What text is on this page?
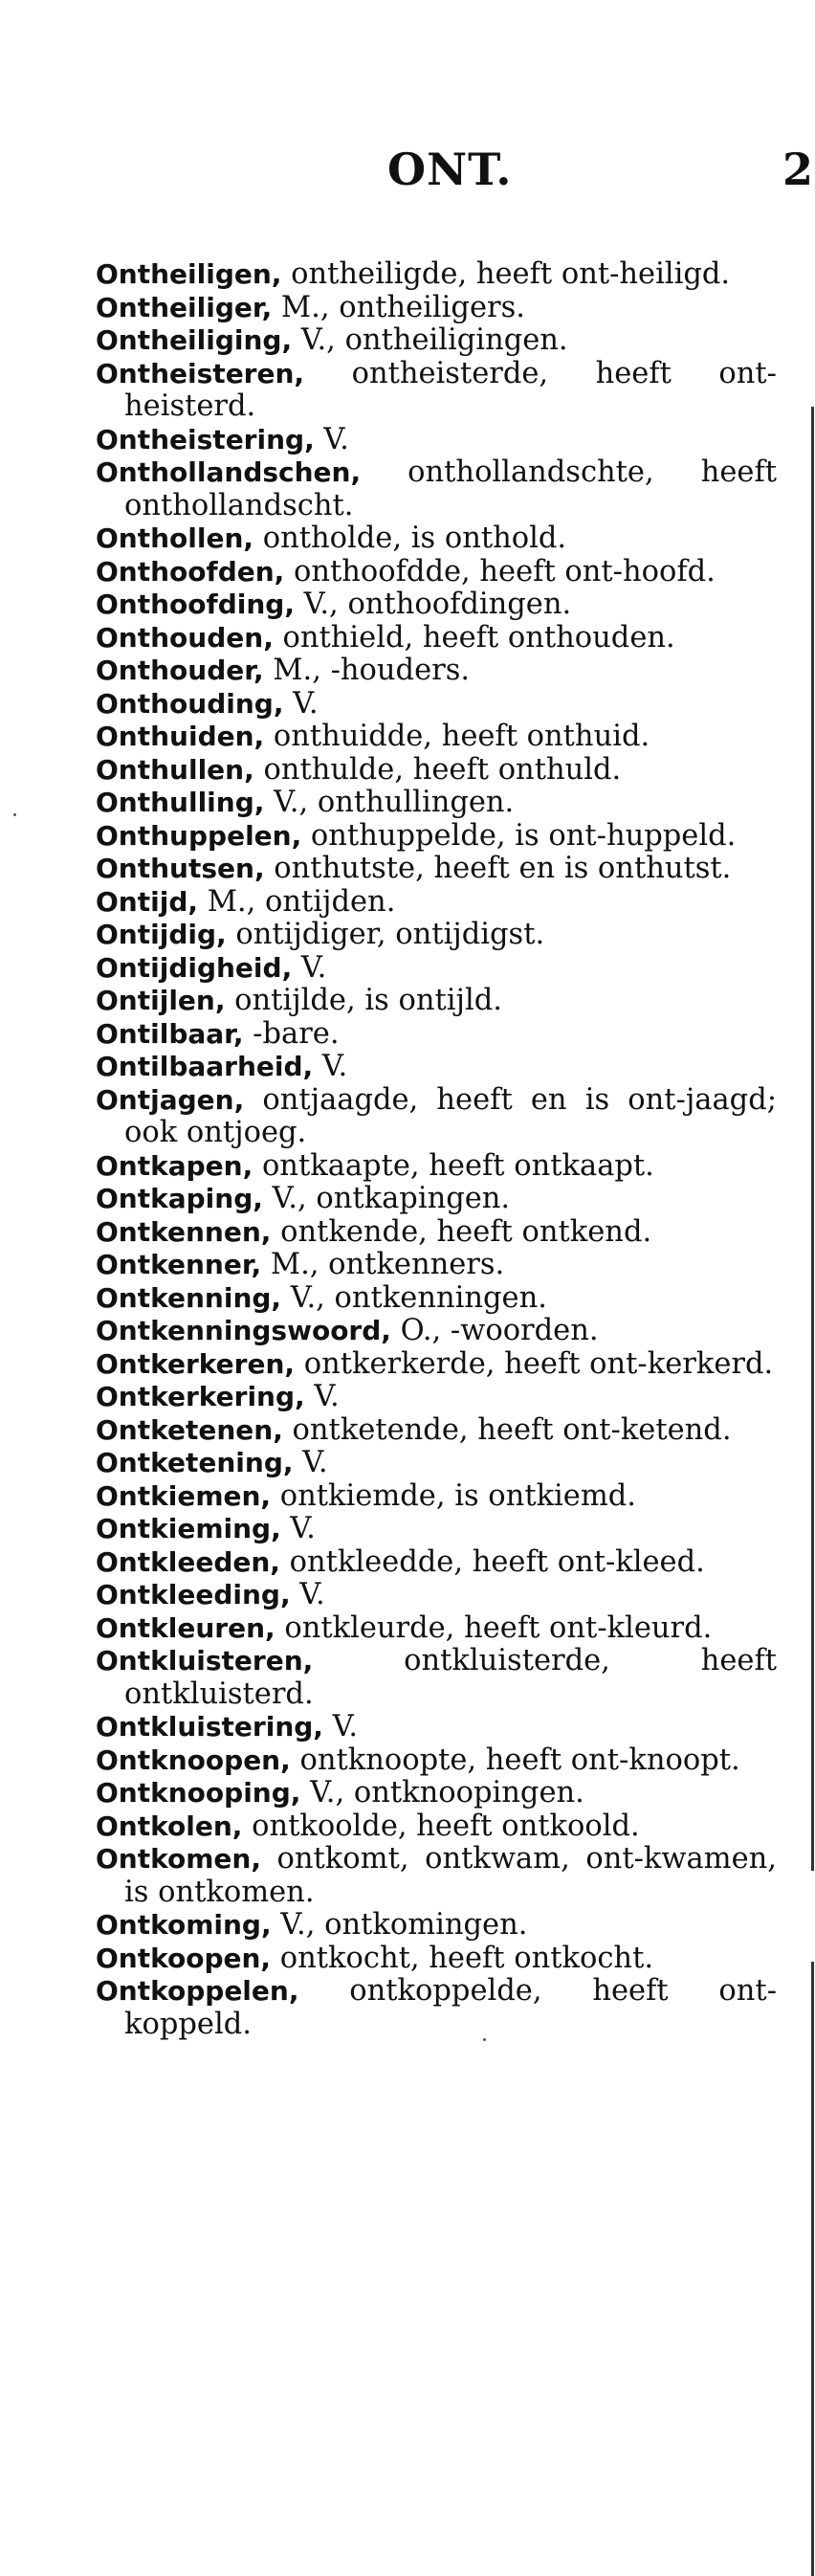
ONT.	2
Ontheiligen, ontheiligde, heeft ont-heiligd.
Ontheiliger, M., ontheiligers.
Ontheiliging, V., ontheiligingen.
Ontheisteren, ontheisterde, heeft ont-heisterd.
Ontheistering, V.
Onthollandschen, onthollandschte, heeft onthollandscht.
Onthollen, ontholde, is onthold.
Onthoofden, onthoofdde, heeft ont-hoofd.
Onthoofding, V., onthoofdingen.
Onthouden, onthield, heeft onthouden.
Onthouder, M., -houders.
Onthouding, V.
Onthuiden, onthuidde, heeft onthuid.
Onthullen, onthulde, heeft onthuld.
Onthulling, V., onthullingen.
Onthuppelen, onthuppelde, is ont-huppeld.
Onthutsen, onthutste, heeft en is onthutst.
Ontijd, M., ontijden.
Ontijdig, ontijdiger, ontijdigst.
Ontijdigheid, V.
Ontijlen, ontijlde, is ontijld.
Ontilbaar, -bare.
Ontilbaarheid, V.
Ontjagen, ontjaagde, heeft en is ont-jaagd; ook ontjoeg.
Ontkapen, ontkaapte, heeft ontkaapt.
Ontkaping, V., ontkapingen.
Ontkennen, ontkende, heeft ontkend.
Ontkenner, M., ontkenners.
Ontkenning, V., ontkenningen.
Ontkenningswoord, O., -woorden.
Ontkerkeren, ontkerkerde, heeft ont-kerkerd.
Ontkerkering, V.
Ontketenen, ontketende, heeft ont-ketend.
Ontketening, V.
Ontkiemen, ontkiemde, is ontkiemd.
Ontkieming, V.
Ontkleeden, ontkleedde, heeft ont-kleed.
Ontkleeding, V.
Ontkleuren, ontkleurde, heeft ont-kleurd.
Ontkluisteren, ontkluisterde, heeft ontkluisterd.
Ontkluistering, V.
Ontknoopen, ontknoopte, heeft ont-knoopt.
Ontknooping, V., ontknoopingen.
Ontkolen, ontkoolde, heeft ontkoold.
Ontkomen, ontkomt, ontkwam, ont-kwamen, is ontkomen.
Ontkoming, V., ontkomingen.
Ontkoopen, ontkocht, heeft ontkocht.
Ontkoppelen, ontkoppelde, heeft ont-koppeld.
